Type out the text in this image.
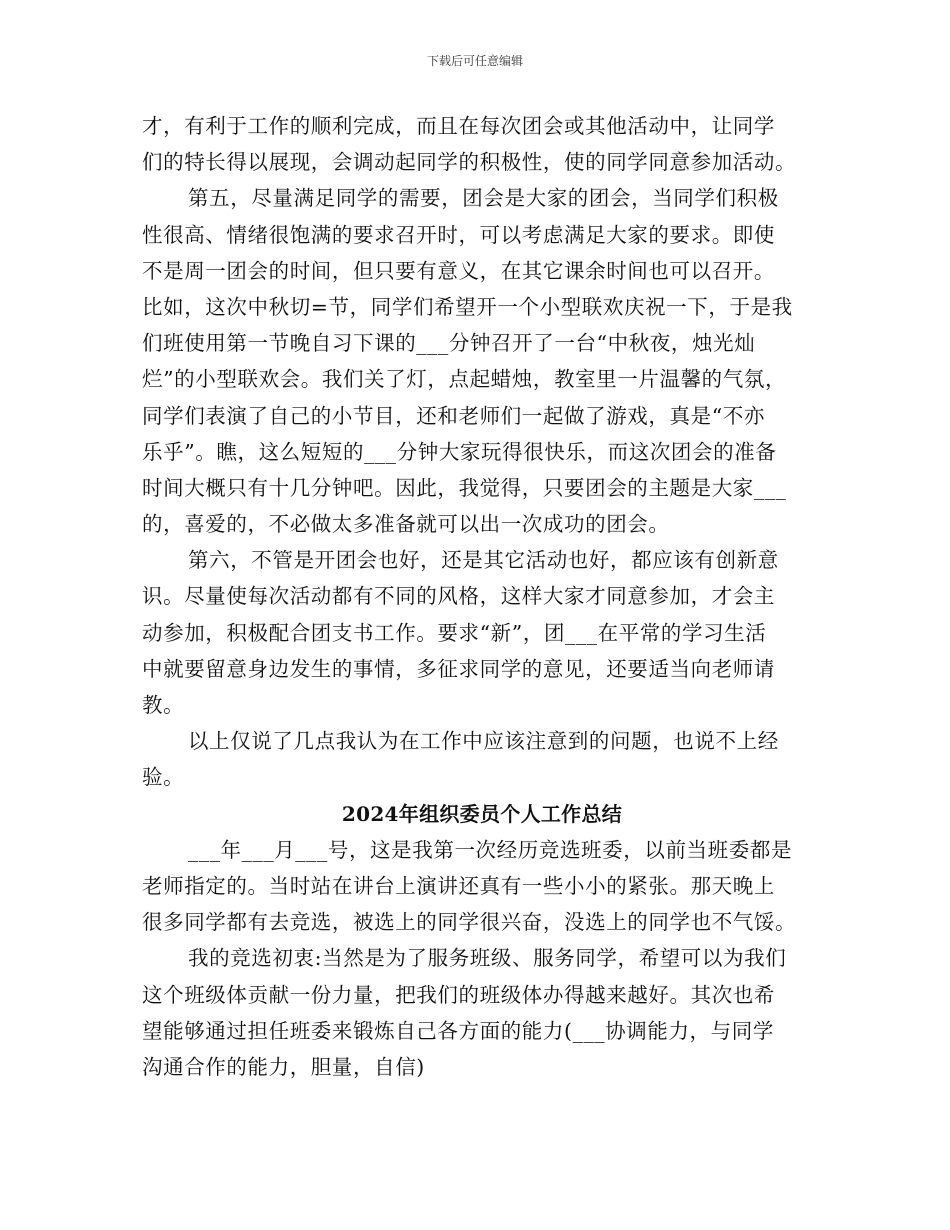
下载后可任意编辑
才，有利于工作的顺利完成，而且在每次团会或其他活动中，让同学
们的特长得以展现，会调动起同学的积极性，使的同学同意参加活动。
第五，尽量满足同学的需要，团会是大家的团会，当同学们积极
性很高、情绪很饱满的要求召开时，可以考虑满足大家的要求。即使
不是周一团会的时间，但只要有意义，在其它课余时间也可以召开。
比如，这次中秋切=节，同学们希望开一个小型联欢庆祝一下，于是我
们班使用第一节晚自习下课的___分钟召开了一台“中秋夜，烛光灿
烂”的小型联欢会。我们关了灯，点起蜡烛，教室里一片温馨的气氛，
同学们表演了自己的小节目，还和老师们一起做了游戏，真是“不亦
乐乎”。瞧，这么短短的___分钟大家玩得很快乐，而这次团会的准备
时间大概只有十几分钟吧。因此，我觉得，只要团会的主题是大家___
的，喜爱的，不必做太多准备就可以出一次成功的团会。
第六，不管是开团会也好，还是其它活动也好，都应该有创新意
识。尽量使每次活动都有不同的风格，这样大家才同意参加，才会主
动参加，积极配合团支书工作。要求“新”，团___在平常的学习生活
中就要留意身边发生的事情，多征求同学的意见，还要适当向老师请
教。
以上仅说了几点我认为在工作中应该注意到的问题，也说不上经
验。
2024年组织委员个人工作总结
___年___月___号，这是我第一次经历竞选班委，以前当班委都是
老师指定的。当时站在讲台上演讲还真有一些小小的紧张。那天晚上
很多同学都有去竞选，被选上的同学很兴奋，没选上的同学也不气馁。
我的竞选初衷:当然是为了服务班级、服务同学，希望可以为我们
这个班级体贡献一份力量，把我们的班级体办得越来越好。其次也希
望能够通过担任班委来锻炼自己各方面的能力(___协调能力，与同学
沟通合作的能力，胆量，自信)
